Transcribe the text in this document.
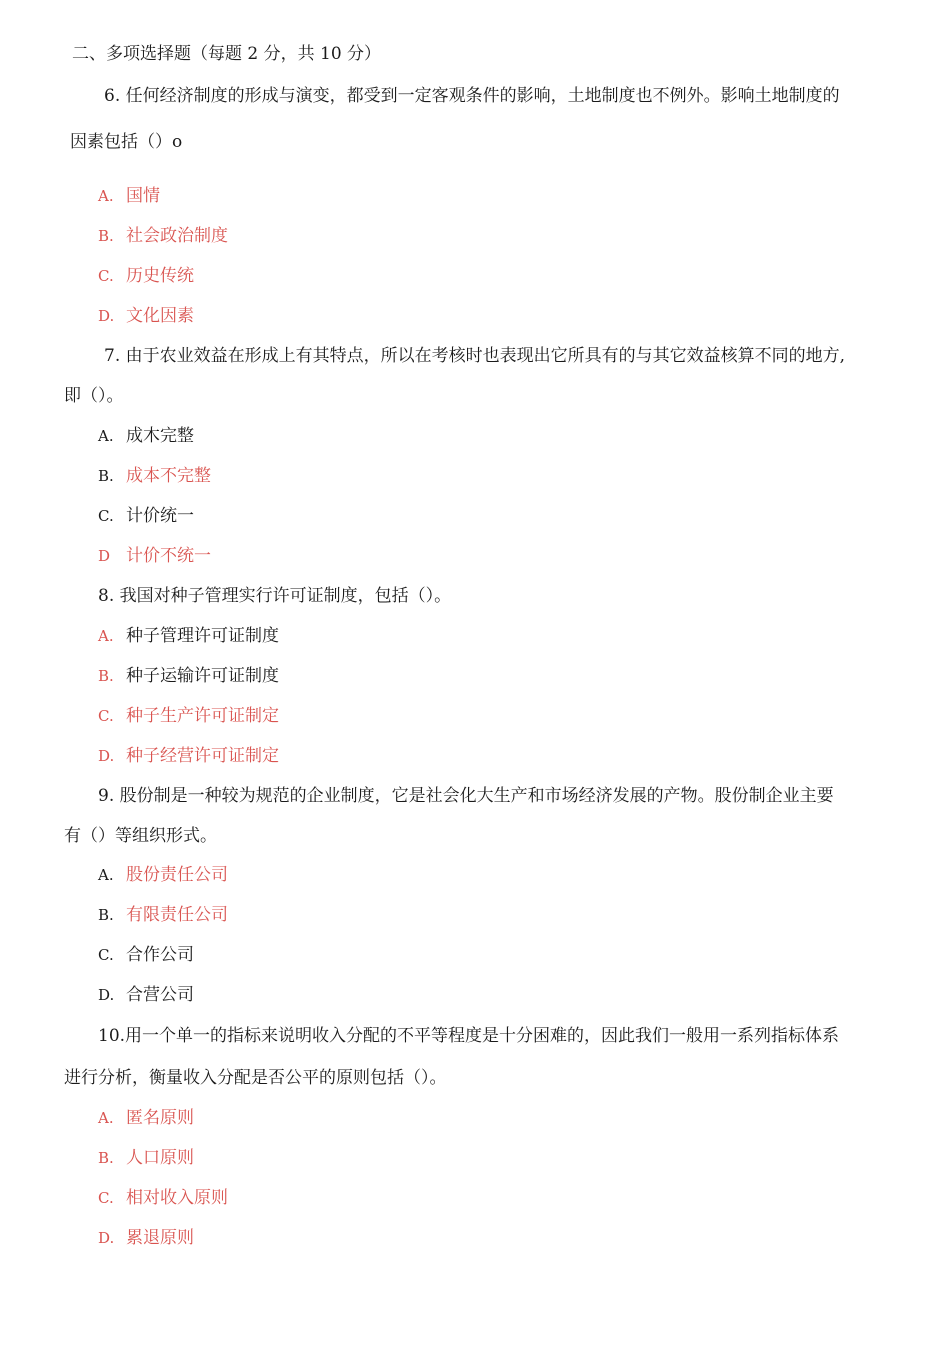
二、多项选择题（每题 2 分，共 10 分）
6. 任何经济制度的形成与演变，都受到一定客观条件的影响，土地制度也不例外。影响土地制度的
因素包括（）o
A. 国情
B. 社会政治制度
C. 历史传统
D. 文化因素
7. 由于农业效益在形成上有其特点，所以在考核时也表现出它所具有的与其它效益核算不同的地方,
即（）。
A. 成木完整
B. 成本不完整
C. 计价统一
D 计价不统一
8. 我国对种子管理实行许可证制度，包括（）。
A. 种子管理许可证制度
B. 种子运输许可证制度
C. 种子生产许可证制定
D. 种子经营许可证制定
9. 股份制是一种较为规范的企业制度，它是社会化大生产和市场经济发展的产物。股份制企业主要
有（）等组织形式。
A. 股份责任公司
B. 有限责任公司
C. 合作公司
D. 合营公司
10.用一个单一的指标来说明收入分配的不平等程度是十分困难的，因此我们一般用一系列指标体系
进行分析，衡量收入分配是否公平的原则包括（）。
A. 匿名原则
B. 人口原则
C. 相对收入原则
D. 累退原则
